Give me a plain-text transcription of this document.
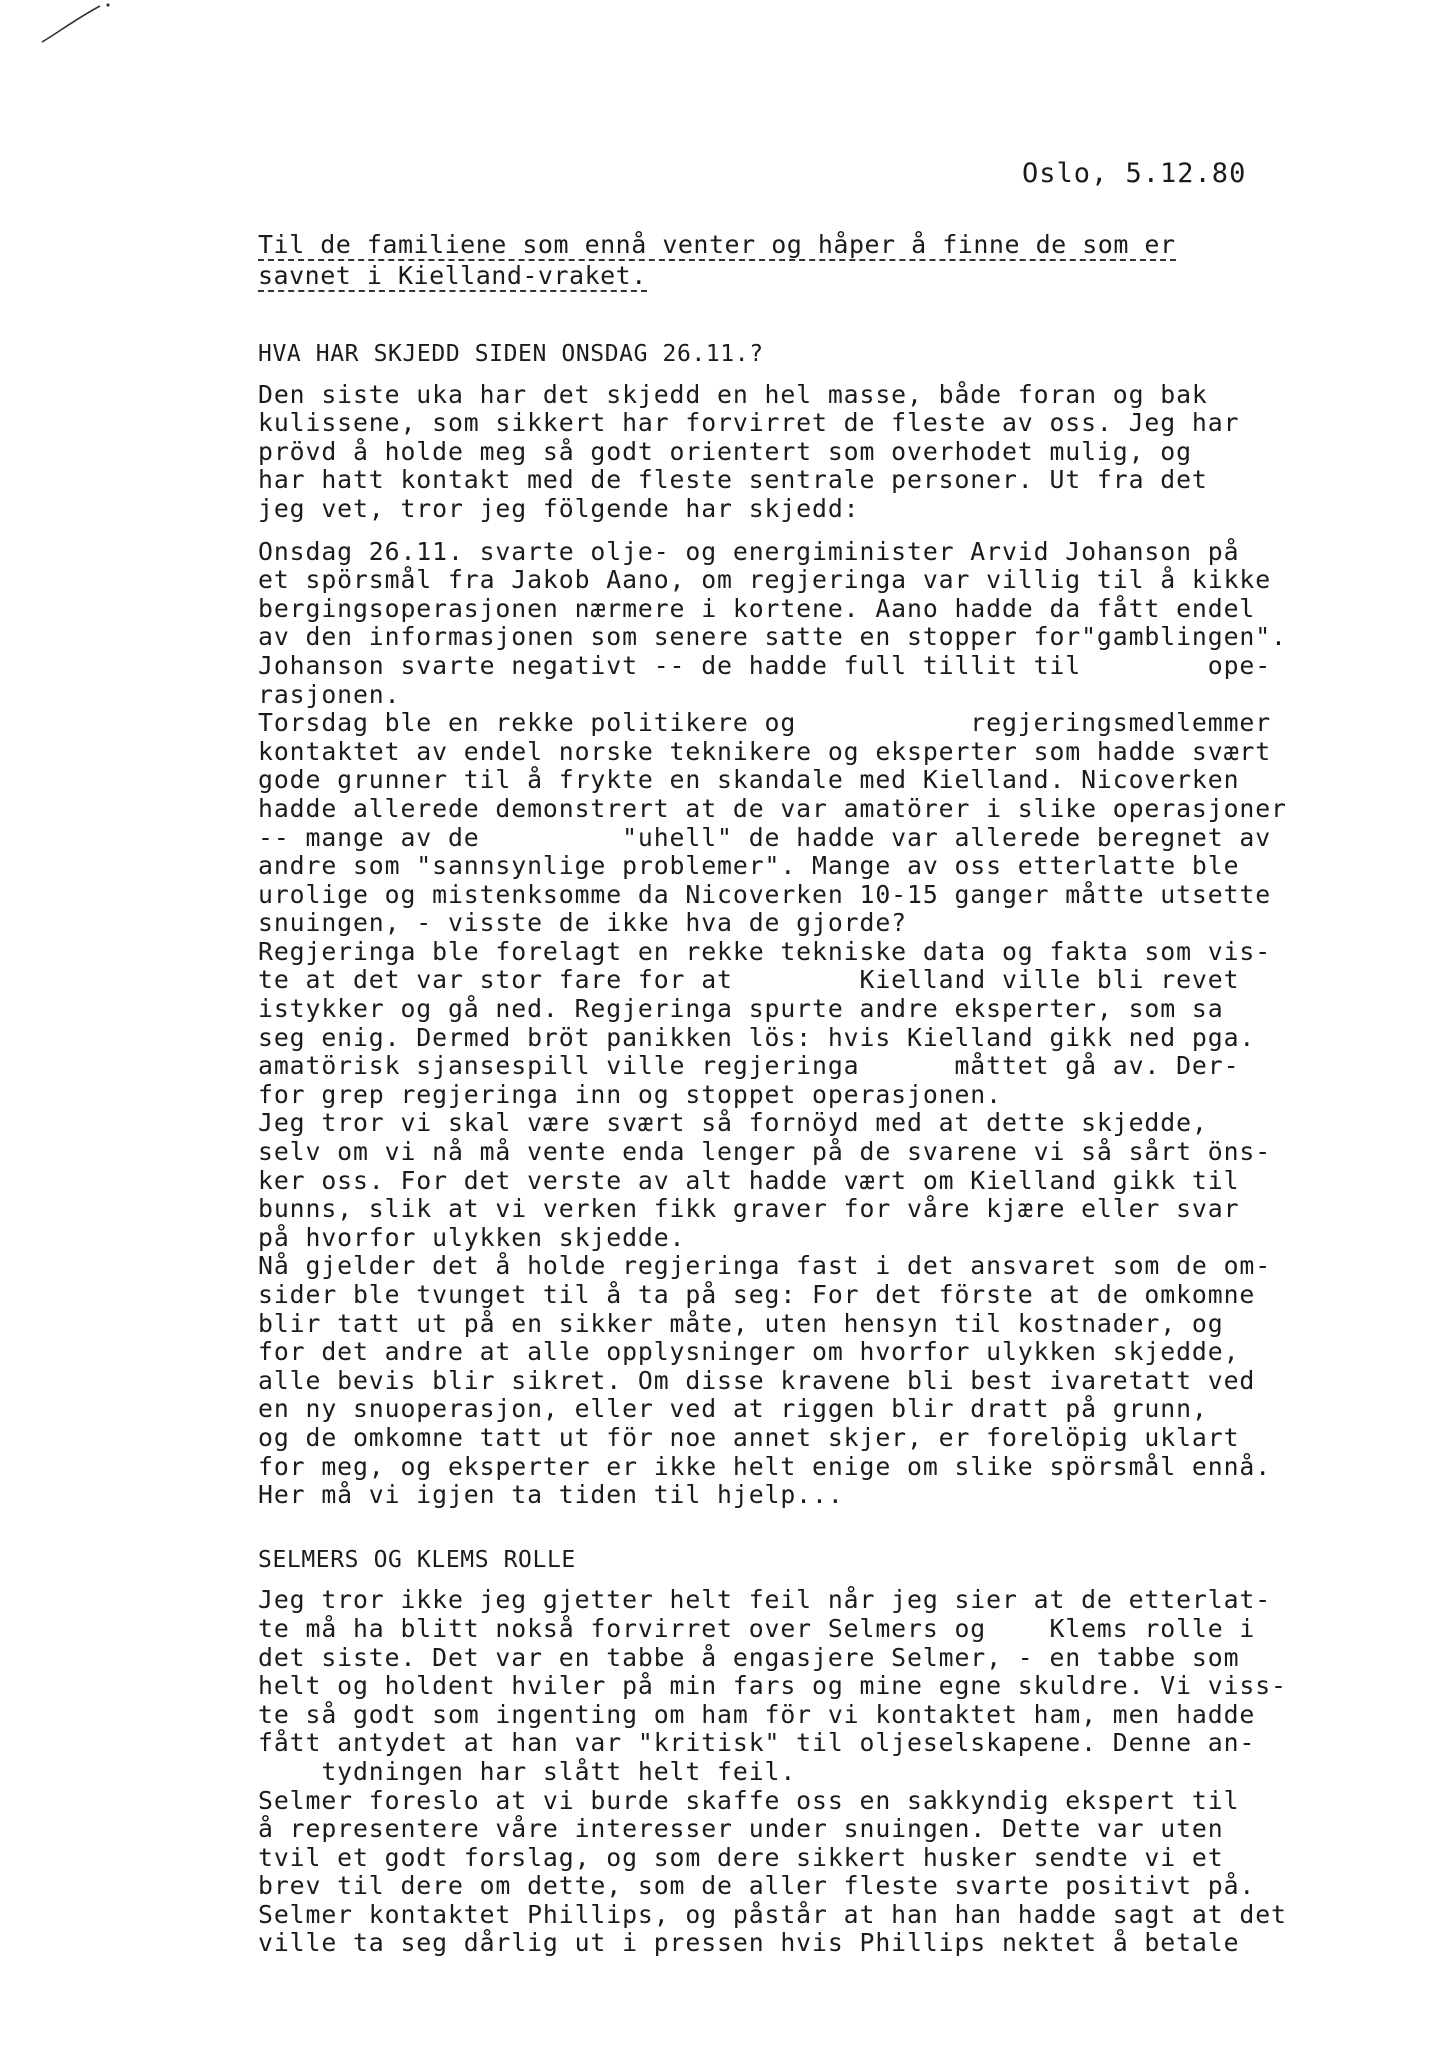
Oslo, 5.12.80
Til de familiene som ennå venter og håper å finne de som er
savnet i Kielland-vraket.
HVA HAR SKJEDD SIDEN ONSDAG 26.11.?
Den siste uka har det skjedd en hel masse, både foran og bak
kulissene, som sikkert har forvirret de fleste av oss. Jeg har
prövd å holde meg så godt orientert som overhodet mulig, og
har hatt kontakt med de fleste sentrale personer. Ut fra det
jeg vet, tror jeg fölgende har skjedd:
Onsdag 26.11. svarte olje- og energiminister Arvid Johanson på
et spörsmål fra Jakob Aano, om regjeringa var villig til å kikke
bergingsoperasjonen nærmere i kortene. Aano hadde da fått endel
av den informasjonen som senere satte en stopper for"gamblingen".
Johanson svarte negativt -- de hadde full tillit til        ope-
rasjonen.
Torsdag ble en rekke politikere og           regjeringsmedlemmer
kontaktet av endel norske teknikere og eksperter som hadde svært
gode grunner til å frykte en skandale med Kielland. Nicoverken
hadde allerede demonstrert at de var amatörer i slike operasjoner
-- mange av de         "uhell" de hadde var allerede beregnet av
andre som "sannsynlige problemer". Mange av oss etterlatte ble
urolige og mistenksomme da Nicoverken 10-15 ganger måtte utsette
snuingen, - visste de ikke hva de gjorde?
Regjeringa ble forelagt en rekke tekniske data og fakta som vis-
te at det var stor fare for at        Kielland ville bli revet
istykker og gå ned. Regjeringa spurte andre eksperter, som sa
seg enig. Dermed bröt panikken lös: hvis Kielland gikk ned pga.
amatörisk sjansespill ville regjeringa      måttet gå av. Der-
for grep regjeringa inn og stoppet operasjonen.
Jeg tror vi skal være svært så fornöyd med at dette skjedde,
selv om vi nå må vente enda lenger på de svarene vi så sårt öns-
ker oss. For det verste av alt hadde vært om Kielland gikk til
bunns, slik at vi verken fikk graver for våre kjære eller svar
på hvorfor ulykken skjedde.
Nå gjelder det å holde regjeringa fast i det ansvaret som de om-
sider ble tvunget til å ta på seg: For det förste at de omkomne
blir tatt ut på en sikker måte, uten hensyn til kostnader, og
for det andre at alle opplysninger om hvorfor ulykken skjedde,
alle bevis blir sikret. Om disse kravene bli best ivaretatt ved
en ny snuoperasjon, eller ved at riggen blir dratt på grunn,
og de omkomne tatt ut för noe annet skjer, er forelöpig uklart
for meg, og eksperter er ikke helt enige om slike spörsmål ennå.
Her må vi igjen ta tiden til hjelp...
SELMERS OG KLEMS ROLLE
Jeg tror ikke jeg gjetter helt feil når jeg sier at de etterlat-
te må ha blitt nokså forvirret over Selmers og    Klems rolle i
det siste. Det var en tabbe å engasjere Selmer, - en tabbe som
helt og holdent hviler på min fars og mine egne skuldre. Vi viss-
te så godt som ingenting om ham för vi kontaktet ham, men hadde
fått antydet at han var "kritisk" til oljeselskapene. Denne an-
tydningen har slått helt feil.
Selmer foreslo at vi burde skaffe oss en sakkyndig ekspert til
å representere våre interesser under snuingen. Dette var uten
tvil et godt forslag, og som dere sikkert husker sendte vi et
brev til dere om dette, som de aller fleste svarte positivt på.
Selmer kontaktet Phillips, og påstår at han han hadde sagt at det
ville ta seg dårlig ut i pressen hvis Phillips nektet å betale
